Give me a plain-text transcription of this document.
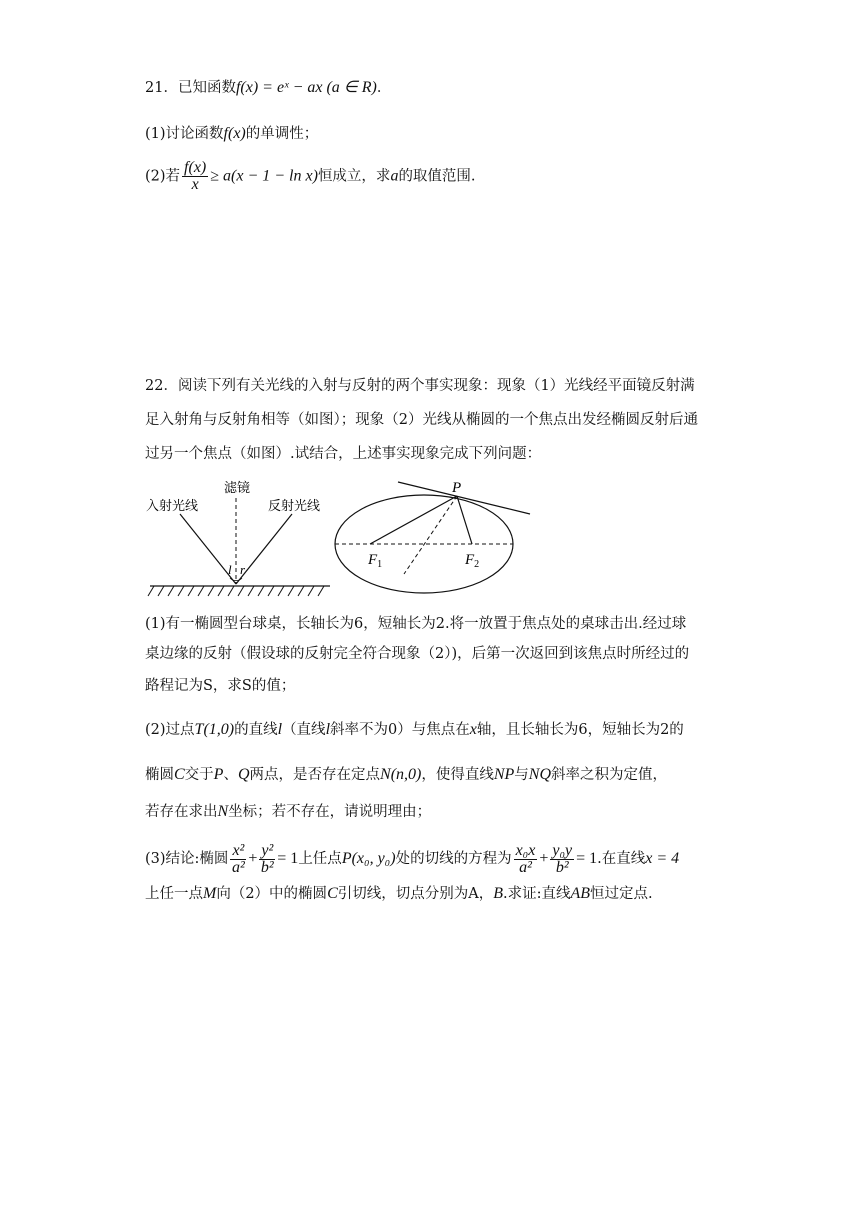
21．已知函数f(x) = eˣ − ax (a ∈ R)．
(1)讨论函数f(x)的单调性；
(2)若 $\frac{f(x)}{x} \ge a(x - 1 - \ln x)$恒成立，求a的取值范围.
22．阅读下列有关光线的入射与反射的两个事实现象：现象（1）光线经平面镜反射满
足入射角与反射角相等（如图）；现象（2）光线从椭圆的一个焦点出发经椭圆反射后通
过另一个焦点（如图）.试结合，上述事实现象完成下列问题：
入射光线
滤镜
反射光线
l r
P
$F_1$	$F_2$
(1)有一椭圆型台球桌，长轴长为6，短轴长为2.将一放置于焦点处的桌球击出.经过球
桌边缘的反射（假设球的反射完全符合现象（2）)，后第一次返回到该焦点时所经过的
路程记为S，求S的值；
(2)过点T(1,0)的直线l（直线l斜率不为0）与焦点在x轴，且长轴长为6，短轴长为2的
椭圆C交于P、Q两点，是否存在定点N(n,0)，使得直线NP与NQ斜率之积为定值，
若存在求出N坐标；若不存在，请说明理由；
(3)结论:椭圆 $\frac{\text{x²}}{\text{a²}} + \frac{\text{y²}}{\text{b²}} = 1$上任点P(x₀, y₀)处的切线的方程为 $\frac{\text{x₀x}}{\text{a²}} + \frac{\text{y₀y}}{\text{b²}} = 1$.在直线x = 4
上任一点M向（2）中的椭圆C引切线，切点分别为A，B.求证:直线AB恒过定点.
